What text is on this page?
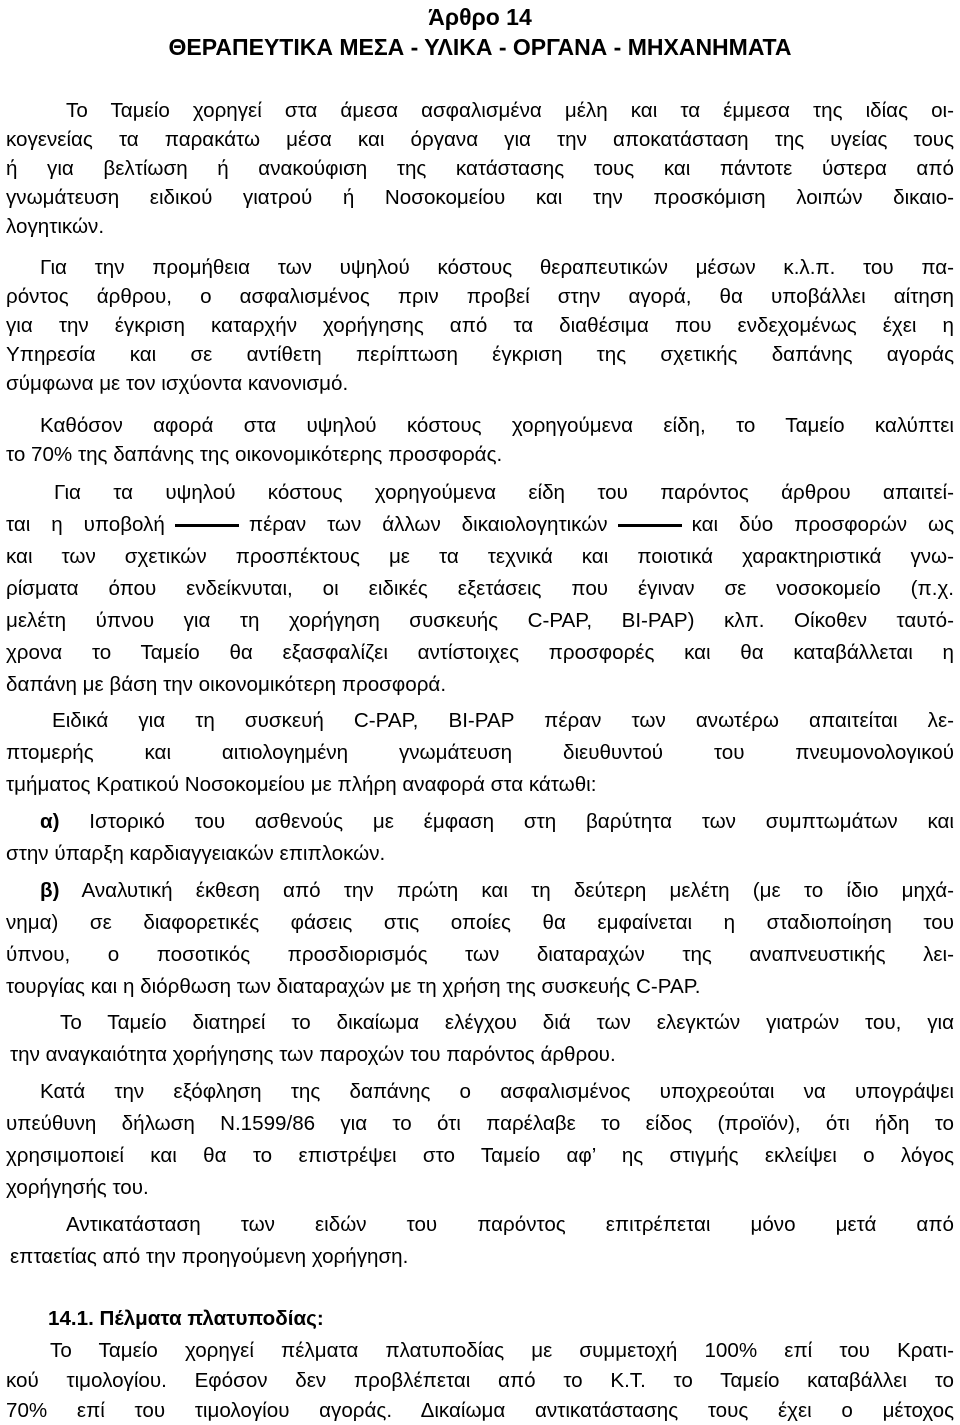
Άρθρο 14
ΘΕΡΑΠΕΥΤΙΚΑ ΜΕΣΑ - ΥΛΙΚΑ - ΟΡΓΑΝΑ - ΜΗΧΑΝΗΜΑΤΑ
Το Ταμείο χορηγεί στα άμεσα ασφαλισμένα μέλη και τα έμμεσα της ιδίας οι-
κογενείας τα παρακάτω μέσα και όργανα για την αποκατάσταση της υγείας τους
ή για βελτίωση ή ανακούφιση της κατάστασης τους και πάντοτε ύστερα από
γνωμάτευση ειδικού γιατρού ή Νοσοκομείου και την προσκόμιση λοιπών δικαιο-
λογητικών.
Για την προμήθεια των υψηλού κόστους θεραπευτικών μέσων κ.λ.π. του πα-
ρόντος άρθρου, ο ασφαλισμένος πριν προβεί στην αγορά, θα υποβάλλει αίτηση
για την έγκριση καταρχήν χορήγησης από τα διαθέσιμα που ενδεχομένως έχει η
Υπηρεσία και σε αντίθετη περίπτωση έγκριση της σχετικής δαπάνης αγοράς
σύμφωνα με τον ισχύοντα κανονισμό.
Καθόσον αφορά στα υψηλού κόστους χορηγούμενα είδη, το Ταμείο καλύπτει
το 70% της δαπάνης της οικονομικότερης προσφοράς.
Για τα υψηλού κόστους χορηγούμενα είδη του παρόντος άρθρου απαιτεί-
ται η υποβολή	πέραν των άλλων δικαιολογητικών	και δύο προσφορών ως
και των σχετικών προσπέκτους με τα τεχνικά και ποιοτικά χαρακτηριστικά γνω-
ρίσματα όπου ενδείκνυται, οι ειδικές εξετάσεις που έγιναν σε νοσοκομείο (π.χ.
μελέτη ύπνου για τη χορήγηση συσκευής C-PAP, BI-PAP) κλπ. Οίκοθεν ταυτό-
χρονα το Ταμείο θα εξασφαλίζει αντίστοιχες προσφορές και θα καταβάλλεται η
δαπάνη με βάση την οικονομικότερη προσφορά.
Ειδικά για τη συσκευή C-PAP, BI-PAP πέραν των ανωτέρω απαιτείται λε-
πτομερής και αιτιολογημένη γνωμάτευση διευθυντού του πνευμονολογικού
τμήματος Κρατικού Νοσοκομείου με πλήρη αναφορά στα κάτωθι:
α) Ιστορικό του ασθενούς με έμφαση στη βαρύτητα των συμπτωμάτων και
στην ύπαρξη καρδιαγγειακών επιπλοκών.
β) Αναλυτική έκθεση από την πρώτη και τη δεύτερη μελέτη (με το ίδιο μηχά-
νημα) σε διαφορετικές φάσεις στις οποίες θα εμφαίνεται η σταδιοποίηση του
ύπνου, ο ποσοτικός προσδιορισμός των διαταραχών της αναπνευστικής λει-
τουργίας και η διόρθωση των διαταραχών με τη χρήση της συσκευής C-PAP.
Το Ταμείο διατηρεί το δικαίωμα ελέγχου διά των ελεγκτών γιατρών του, για
την αναγκαιότητα χορήγησης των παροχών του παρόντος άρθρου.
Κατά την εξόφληση της δαπάνης ο ασφαλισμένος υποχρεούται να υπογράψει
υπεύθυνη δήλωση Ν.1599/86 για το ότι παρέλαβε το είδος (προϊόν), ότι ήδη το
χρησιμοποιεί και θα το επιστρέψει στο Ταμείο αφ’ ης στιγμής εκλείψει ο λόγος
χορήγησής του.
Αντικατάσταση των ειδών του παρόντος επιτρέπεται μόνο μετά από
επταετίας από την προηγούμενη χορήγηση.
14.1. Πέλματα πλατυποδίας:
Το Ταμείο χορηγεί πέλματα πλατυποδίας με συμμετοχή 100% επί του Κρατι-
κού τιμολογίου. Εφόσον δεν προβλέπεται από το Κ.Τ. το Ταμείο καταβάλλει το
70% επί του τιμολογίου αγοράς. Δικαίωμα αντικατάστασης τους έχει ο μέτοχος
